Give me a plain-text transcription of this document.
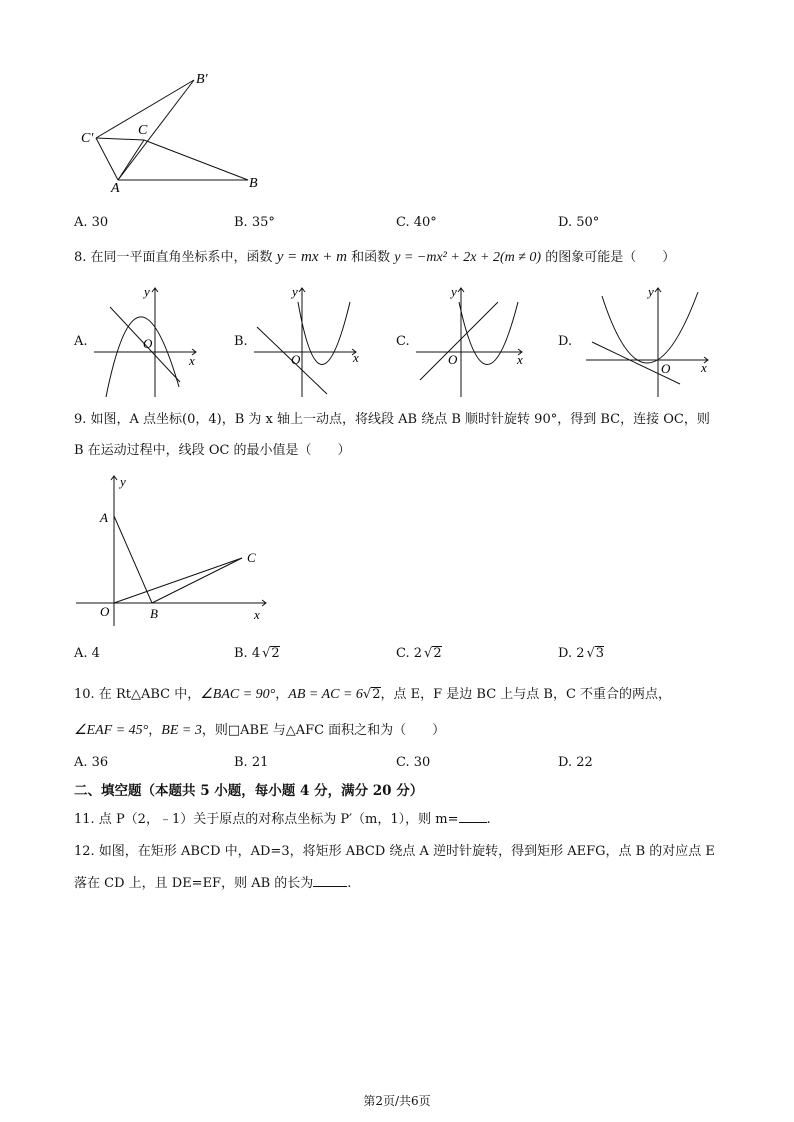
B′
C′
C
A	B
A. 30	B. 35°	C. 40°	D. 50°
8. 在同一平面直角坐标系中，函数 y = mx + m 和函数 y = −mx² + 2x + 2(m ≠ 0) 的图象可能是（　　）
A.
y
x
O	B.
y
x
O
C.
y
x
O
D.
y
x
O
9. 如图，A 点坐标(0，4)，B 为 x 轴上一动点，将线段 AB 绕点 B 顺时针旋转 90°，得到 BC，连接 OC，则
B 在运动过程中，线段 OC 的最小值是（　　）
y
A
C
O	B	x
A. 4	B. 4 √2	C. 2 √2	D. 2 √3
10. 在 Rt△ABC 中，∠BAC = 90°，AB = AC = 6√2，点 E，F 是边 BC 上与点 B，C 不重合的两点，
∠EAF = 45°，BE = 3，则□ABE 与△AFC 面积之和为（　　）
A. 36	B. 21	C. 30	D. 22
二、填空题（本题共 5 小题，每小题 4 分，满分 20 分）
11. 点 P（2，﹣1）关于原点的对称点坐标为 P′（m，1），则 m= .
12. 如图，在矩形 ABCD 中，AD=3，将矩形 ABCD 绕点 A 逆时针旋转，得到矩形 AEFG，点 B 的对应点 E
落在 CD 上，且 DE=EF，则 AB 的长为	.
第2页/共6页
